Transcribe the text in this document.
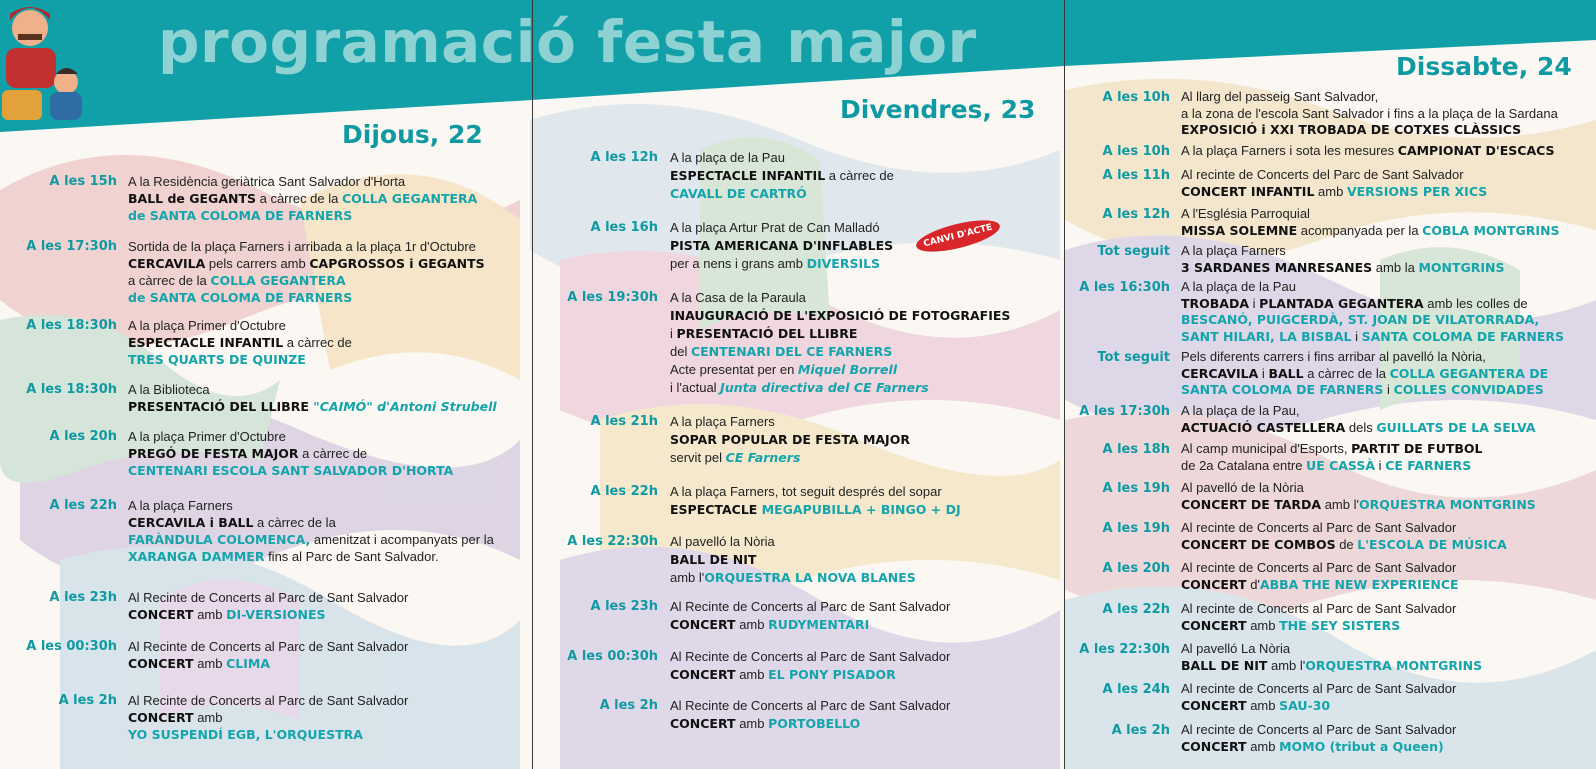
programació festa major
Dijous, 22
Divendres, 23
Dissabte, 24
CANVI D'ACTE
A les 15h A la Residència geriàtrica Sant Salvador d'Horta
BALL de GEGANTS a càrrec de la COLLA GEGANTERA
de SANTA COLOMA DE FARNERS
A les 17:30h Sortida de la plaça Farners i arribada a la plaça 1r d'Octubre
CERCAVILA pels carrers amb CAPGROSSOS i GEGANTS
a càrrec de la COLLA GEGANTERA
de SANTA COLOMA DE FARNERS
A les 18:30h A la plaça Primer d'Octubre
ESPECTACLE INFANTIL a càrrec de
TRES QUARTS DE QUINZE
A les 18:30h A la Biblioteca
PRESENTACIÓ DEL LLIBRE "CAIMÓ" d'Antoni Strubell
A les 20h A la plaça Primer d'Octubre
PREGÓ DE FESTA MAJOR a càrrec de
CENTENARI ESCOLA SANT SALVADOR D'HORTA
A les 22h A la plaça Farners
CERCAVILA i BALL a càrrec de la
FARÀNDULA COLOMENCA, amenitzat i acompanyats per la
XARANGA DAMMER fins al Parc de Sant Salvador.
A les 23h Al Recinte de Concerts al Parc de Sant Salvador
CONCERT amb DI-VERSIONES
A les 00:30h Al Recinte de Concerts al Parc de Sant Salvador
CONCERT amb CLIMA
A les 2h Al Recinte de Concerts al Parc de Sant Salvador
CONCERT amb
YO SUSPENDÍ EGB, L'ORQUESTRA
A les 12h A la plaça de la Pau
ESPECTACLE INFANTIL a càrrec de
CAVALL DE CARTRÓ
A les 16h A la plaça Artur Prat de Can Malladó
PISTA AMERICANA D'INFLABLES
per a nens i grans amb DIVERSILS
A les 19:30h A la Casa de la Paraula
INAUGURACIÓ DE L'EXPOSICIÓ DE FOTOGRAFIES
i PRESENTACIÓ DEL LLIBRE
del CENTENARI DEL CE FARNERS
Acte presentat per en Miquel Borrell
i l'actual Junta directiva del CE Farners
A les 21h A la plaça Farners
SOPAR POPULAR DE FESTA MAJOR
servit pel CE Farners
A les 22h A la plaça Farners, tot seguit després del sopar
ESPECTACLE MEGAPUBILLA + BINGO + DJ
A les 22:30h Al pavelló la Nòria
BALL DE NIT
amb l'ORQUESTRA LA NOVA BLANES
A les 23h Al Recinte de Concerts al Parc de Sant Salvador
CONCERT amb RUDYMENTARI
A les 00:30h Al Recinte de Concerts al Parc de Sant Salvador
CONCERT amb EL PONY PISADOR
A les 2h Al Recinte de Concerts al Parc de Sant Salvador
CONCERT amb PORTOBELLO
A les 10h Al llarg del passeig Sant Salvador,
a la zona de l'escola Sant Salvador i fins a la plaça de la Sardana
EXPOSICIÓ i XXI TROBADA DE COTXES CLÀSSICS
A les 10h A la plaça Farners i sota les mesures CAMPIONAT D'ESCACS
A les 11h Al recinte de Concerts del Parc de Sant Salvador
CONCERT INFANTIL amb VERSIONS PER XICS
A les 12h A l'Església Parroquial
MISSA SOLEMNE acompanyada per la COBLA MONTGRINS
Tot seguit A la plaça Farners
3 SARDANES MANRESANES amb la MONTGRINS
A les 16:30h A la plaça de la Pau
TROBADA i PLANTADA GEGANTERA amb les colles de
BESCANÓ, PUIGCERDÀ, ST. JOAN DE VILATORRADA,
SANT HILARI, LA BISBAL i SANTA COLOMA DE FARNERS
Tot seguit Pels diferents carrers i fins arribar al pavelló la Nòria,
CERCAVILA i BALL a càrrec de la COLLA GEGANTERA DE
SANTA COLOMA DE FARNERS i COLLES CONVIDADES
A les 17:30h A la plaça de la Pau,
ACTUACIÓ CASTELLERA dels GUILLATS DE LA SELVA
A les 18h Al camp municipal d'Esports, PARTIT DE FUTBOL
de 2a Catalana entre UE CASSÀ i CE FARNERS
A les 19h Al pavelló de la Nòria
CONCERT DE TARDA amb l'ORQUESTRA MONTGRINS
A les 19h Al recinte de Concerts al Parc de Sant Salvador
CONCERT DE COMBOS de L'ESCOLA DE MÚSICA
A les 20h Al recinte de Concerts al Parc de Sant Salvador
CONCERT d'ABBA THE NEW EXPERIENCE
A les 22h Al recinte de Concerts al Parc de Sant Salvador
CONCERT amb THE SEY SISTERS
A les 22:30h Al pavelló La Nòria
BALL DE NIT amb l'ORQUESTRA MONTGRINS
A les 24h Al recinte de Concerts al Parc de Sant Salvador
CONCERT amb SAU-30
A les 2h Al recinte de Concerts al Parc de Sant Salvador
CONCERT amb MOMO (tribut a Queen)
